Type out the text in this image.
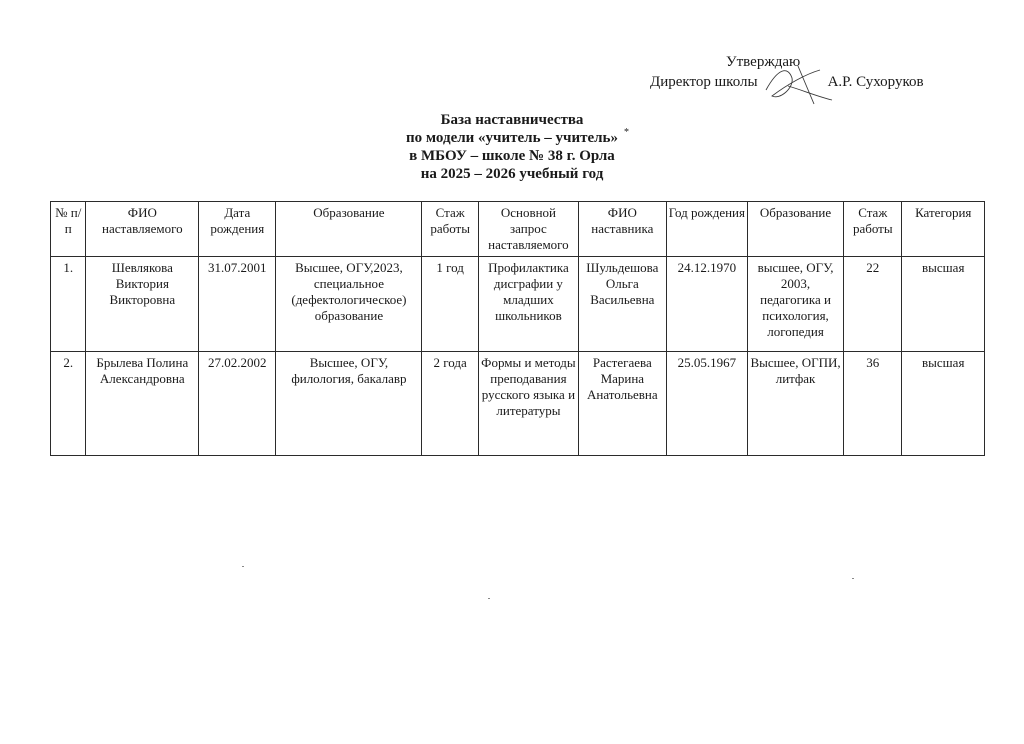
Утверждаю
Директор школы	А.Р. Сухоруков
База наставничества
по модели «учитель – учитель»
в МБОУ – школе № 38 г. Орла
на 2025 – 2026 учебный год
*
№ п/п	ФИО наставляемого	Дата рождения	Образование	Стаж работы	Основной запрос наставляемого	ФИО наставника	Год рождения	Образование	Стаж работы	Категория
1.	Шевлякова Виктория Викторовна	31.07.2001	Высшее, ОГУ,2023, специальное (дефектологическое) образование	1 год	Профилактика дисграфии у младших школьников	Шульдешова Ольга Васильевна	24.12.1970	высшее, ОГУ, 2003, педагогика и психология, логопедия	22	высшая
2.	Брылева Полина Александровна	27.02.2002	Высшее, ОГУ, филология, бакалавр	2 года	Формы и методы преподавания русского языка и литературы	Растегаева Марина Анатольевна	25.05.1967	Высшее, ОГПИ, литфак	36	высшая
